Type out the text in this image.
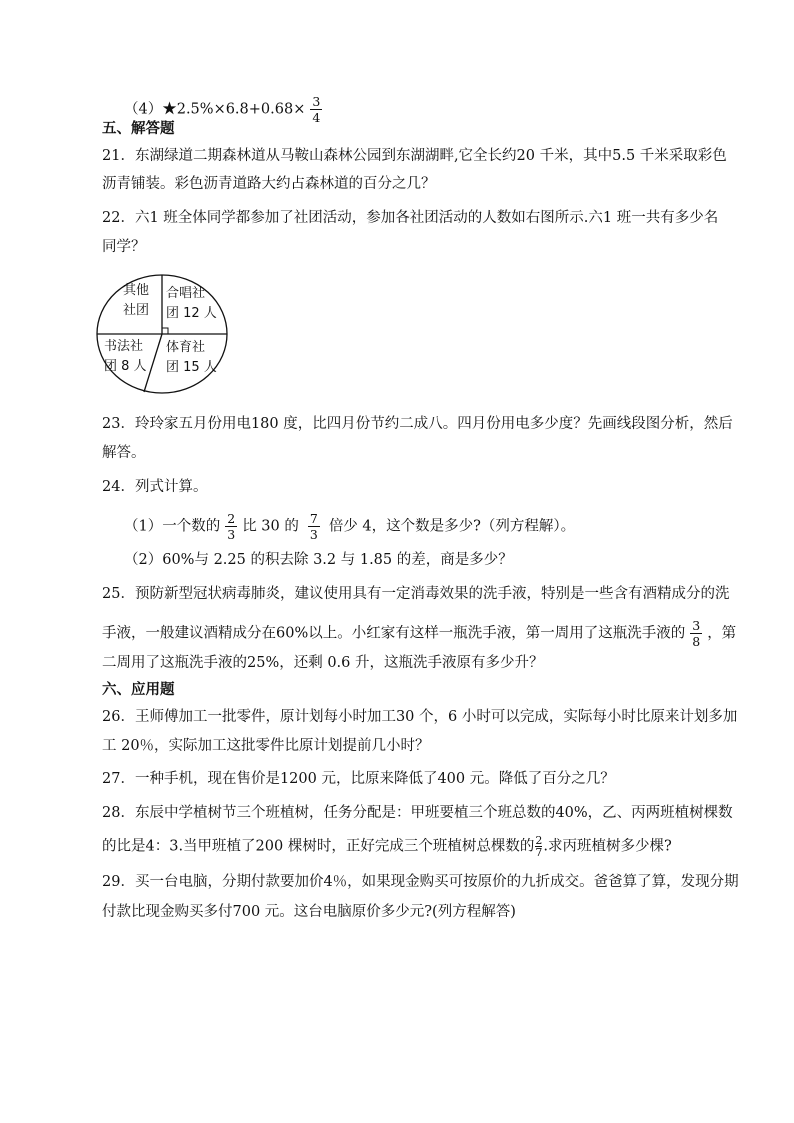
（4）★2.5%×6.8+0.68× $\frac{3}{4}$
五、解答题
21．东湖绿道二期森林道从马鞍山森林公园到东湖湖畔,它全长约20 千米，其中5.5 千米采取彩色
沥青铺装。彩色沥青道路大约占森林道的百分之几？
22．六1 班全体同学都参加了社团活动，参加各社团活动的人数如右图所示.六1 班一共有多少名
同学？
其他
社团
合唱社
团 12 人
书法社
团 8 人
体育社
团 15 人
23．玲玲家五月份用电180 度，比四月份节约二成八。四月份用电多少度？先画线段图分析，然后
解答。
24．列式计算。
（1）一个数的 $\frac{2}{3}$ 比 30 的 $\frac{7}{3}$ 倍少 4，这个数是多少?（列方程解）。
（2）60%与 2.25 的积去除 3.2 与 1.85 的差，商是多少？
25．预防新型冠状病毒肺炎，建议使用具有一定消毒效果的洗手液，特别是一些含有酒精成分的洗
手液，一般建议酒精成分在60%以上。小红家有这样一瓶洗手液，第一周用了这瓶洗手液的 $\frac{3}{8}$ ，第
二周用了这瓶洗手液的25%，还剩 0.6 升，这瓶洗手液原有多少升？
六、应用题
26．王师傅加工一批零件，原计划每小时加工30 个，6 小时可以完成，实际每小时比原来计划多加
工 20％，实际加工这批零件比原计划提前几小时？
27．一种手机，现在售价是1200 元，比原来降低了400 元。降低了百分之几？
28．东辰中学植树节三个班植树，任务分配是：甲班要植三个班总数的40%，乙、丙两班植树棵数
的比是4：3.当甲班植了200 棵树时，正好完成三个班植树总棵数的 $\frac{2}{7}$ .求丙班植树多少棵?
29．买一台电脑，分期付款要加价4％，如果现金购买可按原价的九折成交。爸爸算了算，发现分期
付款比现金购买多付700 元。这台电脑原价多少元?(列方程解答)
